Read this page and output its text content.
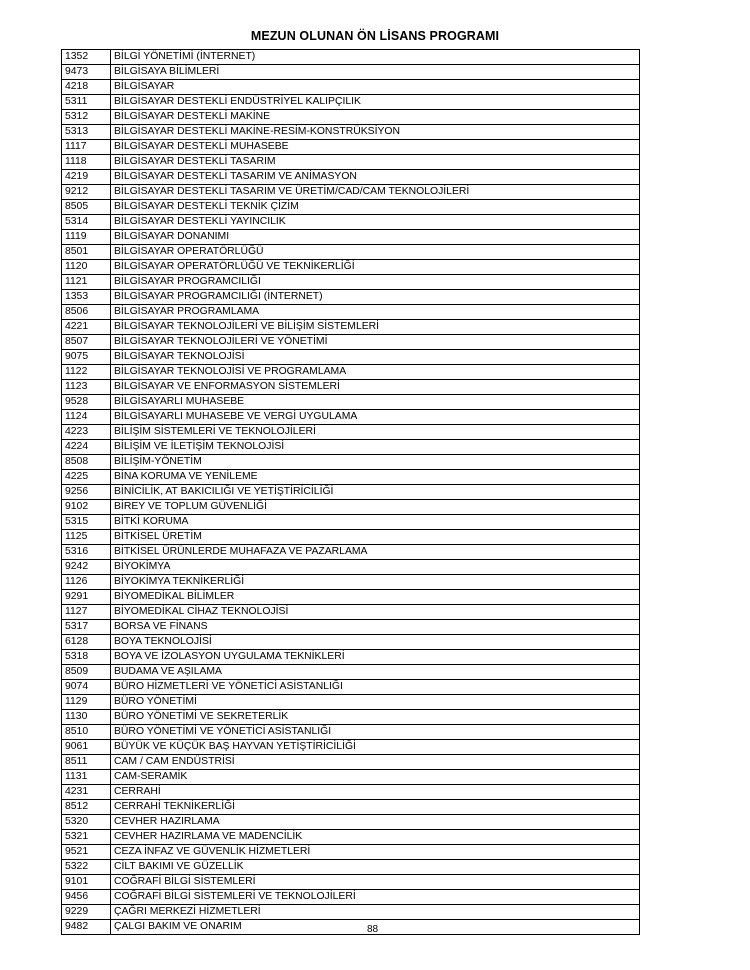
MEZUN OLUNAN ÖN LİSANS PROGRAMI
1352	BİLGİ YÖNETİMİ (İNTERNET)
9473	BİLGİSAYA BİLİMLERİ
4218	BİLGİSAYAR
5311	BİLGİSAYAR DESTEKLİ ENDÜSTRİYEL KALIPÇILIK
5312	BİLGİSAYAR DESTEKLİ MAKİNE
5313	BİLGİSAYAR DESTEKLİ MAKİNE-RESİM-KONSTRÜKSİYON
1117	BİLGİSAYAR DESTEKLİ MUHASEBE
1118	BİLGİSAYAR DESTEKLİ TASARIM
4219	BİLGİSAYAR DESTEKLİ TASARIM VE ANİMASYON
9212	BİLGİSAYAR DESTEKLİ TASARIM VE ÜRETİM/CAD/CAM TEKNOLOJİLERİ
8505	BİLGİSAYAR DESTEKLİ TEKNİK ÇİZİM
5314	BİLGİSAYAR DESTEKLİ YAYINCILIK
1119	BİLGİSAYAR DONANIMI
8501	BİLGİSAYAR OPERATÖRLÜĞÜ
1120	BİLGİSAYAR OPERATÖRLÜĞÜ VE TEKNİKERLİĞİ
1121	BİLGİSAYAR PROGRAMCILIĞI
1353	BİLGİSAYAR PROGRAMCILIĞI (İNTERNET)
8506	BİLGİSAYAR PROGRAMLAMA
4221	BİLGİSAYAR TEKNOLOJİLERİ VE BİLİŞİM SİSTEMLERİ
8507	BİLGİSAYAR TEKNOLOJİLERİ VE YÖNETİMİ
9075	BİLGİSAYAR TEKNOLOJİSİ
1122	BİLGİSAYAR TEKNOLOJİSİ VE PROGRAMLAMA
1123	BİLGİSAYAR VE ENFORMASYON SİSTEMLERİ
9528	BİLGİSAYARLI MUHASEBE
1124	BİLGİSAYARLI MUHASEBE VE VERGİ UYGULAMA
4223	BİLİŞİM SİSTEMLERİ VE TEKNOLOJİLERİ
4224	BİLİŞİM VE İLETİŞİM TEKNOLOJİSİ
8508	BİLİŞİM-YÖNETİM
4225	BİNA KORUMA VE YENİLEME
9256	BİNİCİLİK, AT BAKICILIĞI VE YETİŞTİRİCİLİĞİ
9102	BİREY VE TOPLUM GÜVENLİĞİ
5315	BİTKİ KORUMA
1125	BİTKİSEL ÜRETİM
5316	BİTKİSEL ÜRÜNLERDE MUHAFAZA VE PAZARLAMA
9242	BİYOKİMYA
1126	BİYOKİMYA TEKNİKERLİĞİ
9291	BİYOMEDİKAL BİLİMLER
1127	BİYOMEDİKAL CİHAZ TEKNOLOJİSİ
5317	BORSA VE FİNANS
6128	BOYA TEKNOLOJİSİ
5318	BOYA VE İZOLASYON UYGULAMA TEKNİKLERİ
8509	BUDAMA VE AŞILAMA
9074	BÜRO HİZMETLERİ VE YÖNETİCİ ASİSTANLIĞI
1129	BÜRO YÖNETİMİ
1130	BÜRO YÖNETİMİ VE SEKRETERLİK
8510	BÜRO YÖNETİMİ VE YÖNETİCİ ASİSTANLIĞI
9061	BÜYÜK VE KÜÇÜK BAŞ HAYVAN YETİŞTİRİCİLİĞİ
8511	CAM / CAM ENDÜSTRİSİ
1131	CAM-SERAMİK
4231	CERRAHİ
8512	CERRAHİ TEKNİKERLİĞİ
5320	CEVHER HAZIRLAMA
5321	CEVHER HAZIRLAMA VE MADENCİLİK
9521	CEZA İNFAZ VE GÜVENLİK HİZMETLERİ
5322	CİLT BAKIMI VE GÜZELLİK
9101	COĞRAFİ BİLGİ SİSTEMLERİ
9456	COĞRAFİ BİLGİ SİSTEMLERİ VE TEKNOLOJİLERİ
9229	ÇAĞRI MERKEZİ HİZMETLERİ
9482	ÇALGI BAKIM VE ONARIM	88
